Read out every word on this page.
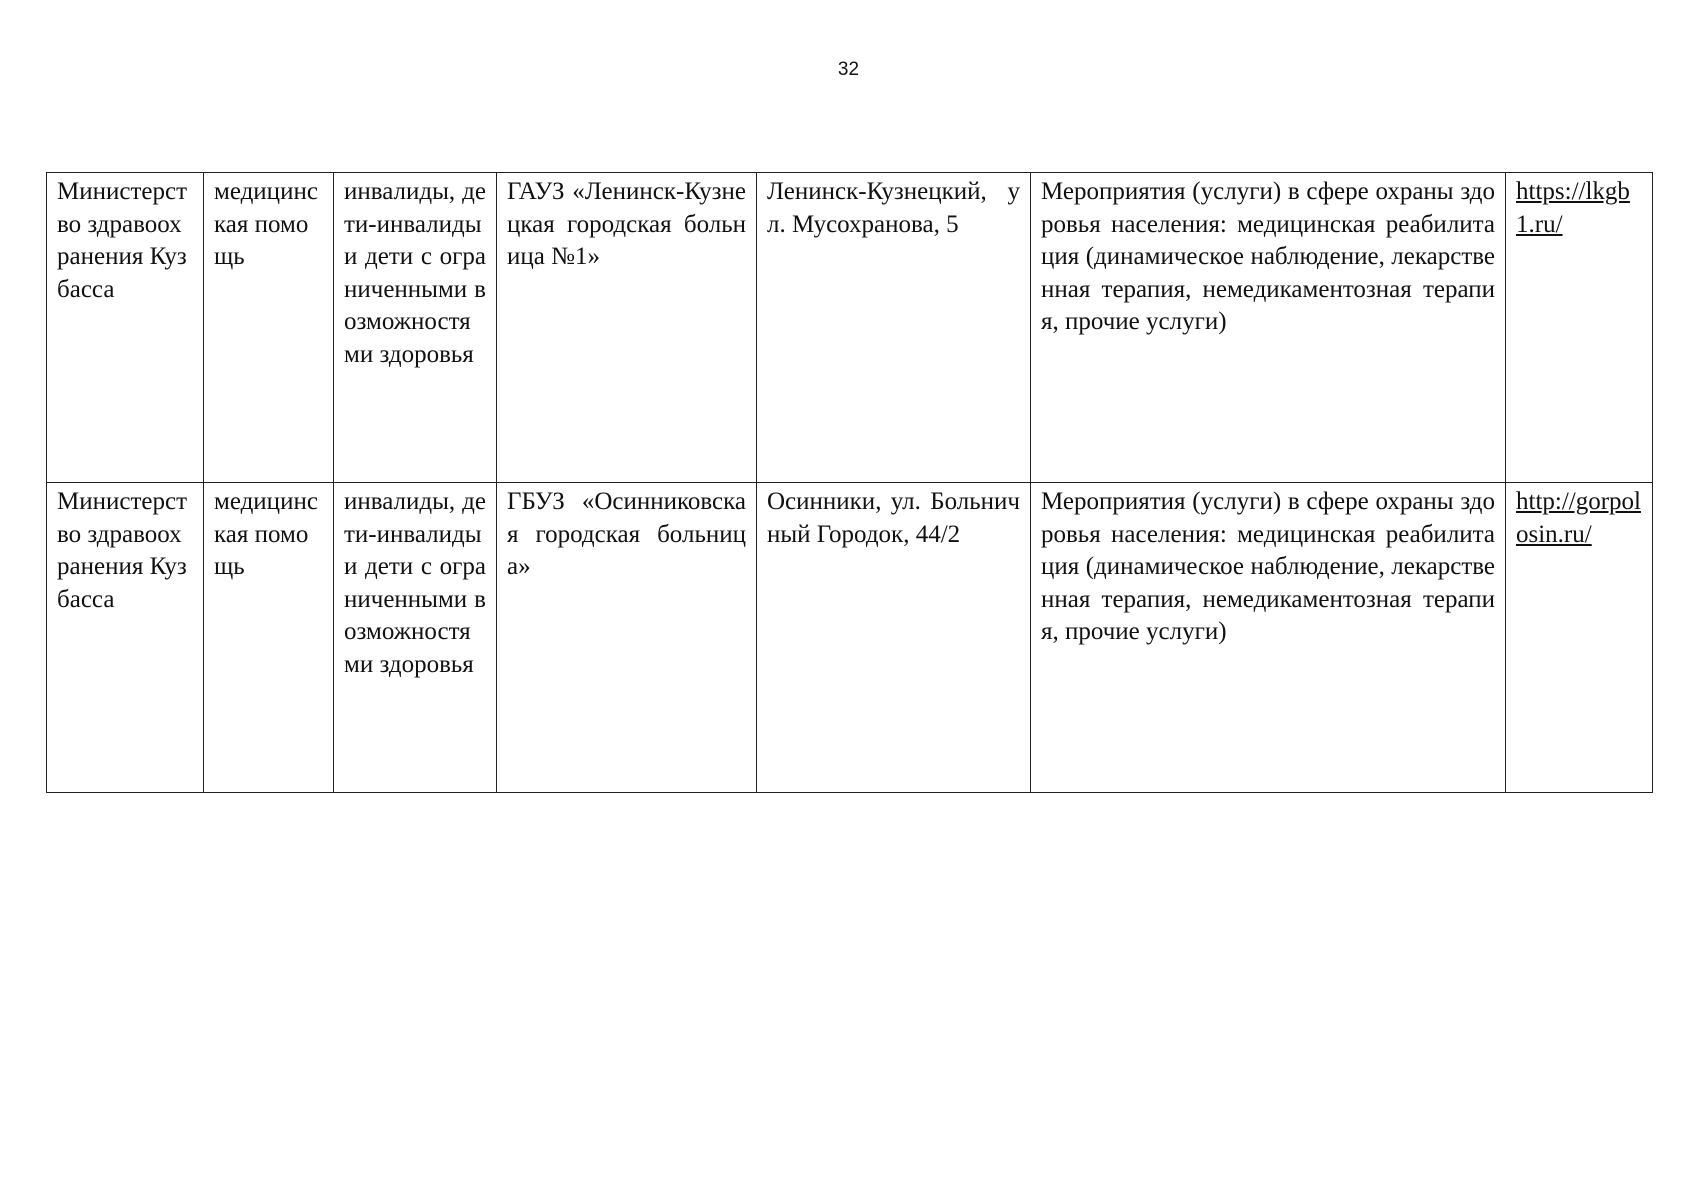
32
Министерство здравоохранения Кузбасса	медицинская помощь	инвалиды, дети-инвалиды и дети с ограниченными возможностями здоровья	ГАУЗ «Ленинск-Кузнецкая городская больница №1»	Ленинск-Кузнецкий, ул. Мусохранова, 5	Мероприятия (услуги) в сфере охраны здоровья населения: медицинская реабилитация (динамическое наблюдение, лекарственная терапия, немедикаментозная терапия, прочие услуги)	https://lkgb1.ru/
Министерство здравоохранения Кузбасса	медицинская помощь	инвалиды, дети-инвалиды и дети с ограниченными возможностями здоровья	ГБУЗ «Осинниковская городская больница»	Осинники, ул. Больничный Городок, 44/2	Мероприятия (услуги) в сфере охраны здоровья населения: медицинская реабилитация (динамическое наблюдение, лекарственная терапия, немедикаментозная терапия, прочие услуги)	http://gorpolosin.ru/
